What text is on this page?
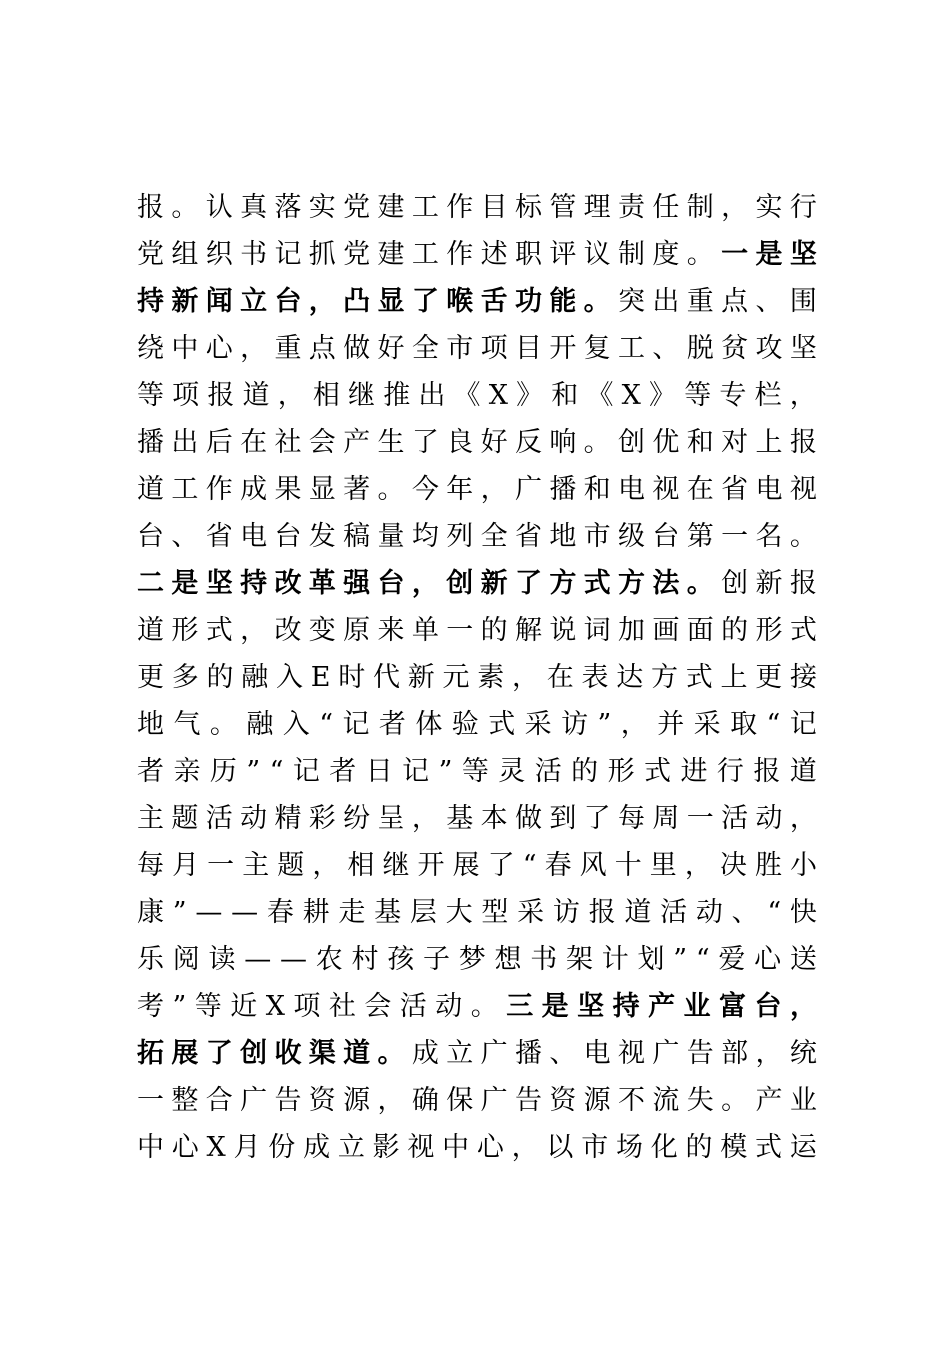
报 。 认 真 落 实 党 建 工 作 目 标 管 理 责 任 制 ， 实 行
党 组 织 书 记 抓 党 建 工 作 述 职 评 议 制 度 。 一 是 坚
持 新 闻 立 台 ， 凸 显 了 喉 舌 功 能 。 突 出 重 点 、 围
绕 中 心 ， 重 点 做 好 全 市 项 目 开 复 工 、 脱 贫 攻 坚
等 项 报 道 ， 相 继 推 出 《 X 》 和 《 X 》 等 专 栏 ，
播 出 后 在 社 会 产 生 了 良 好 反 响 。 创 优 和 对 上 报
道 工 作 成 果 显 著 。 今 年 ， 广 播 和 电 视 在 省 电 视
台 、 省 电 台 发 稿 量 均 列 全 省 地 市 级 台 第 一 名 。
二 是 坚 持 改 革 强 台 ， 创 新 了 方 式 方 法 。 创 新 报
道 形 式 ， 改 变 原 来 单 一 的 解 说 词 加 画 面 的 形 式
更 多 的 融 入 E 时 代 新 元 素 ， 在 表 达 方 式 上 更 接
地 气 。 融 入 “ 记 者 体 验 式 采 访 ” ， 并 采 取 “ 记
者 亲 历 ” “ 记 者 日 记 ” 等 灵 活 的 形 式 进 行 报 道
主 题 活 动 精 彩 纷 呈 ， 基 本 做 到 了 每 周 一 活 动 ，
每 月 一 主 题 ， 相 继 开 展 了 “ 春 风 十 里 ， 决 胜 小
康 ” — — 春 耕 走 基 层 大 型 采 访 报 道 活 动 、 “ 快
乐 阅 读 — — 农 村 孩 子 梦 想 书 架 计 划 ” “ 爱 心 送
考 ” 等 近 X 项 社 会 活 动 。 三 是 坚 持 产 业 富 台 ，
拓 展 了 创 收 渠 道 。 成 立 广 播 、 电 视 广 告 部 ， 统
一 整 合 广 告 资 源 ， 确 保 广 告 资 源 不 流 失 。 产 业
中 心 X 月 份 成 立 影 视 中 心 ， 以 市 场 化 的 模 式 运
